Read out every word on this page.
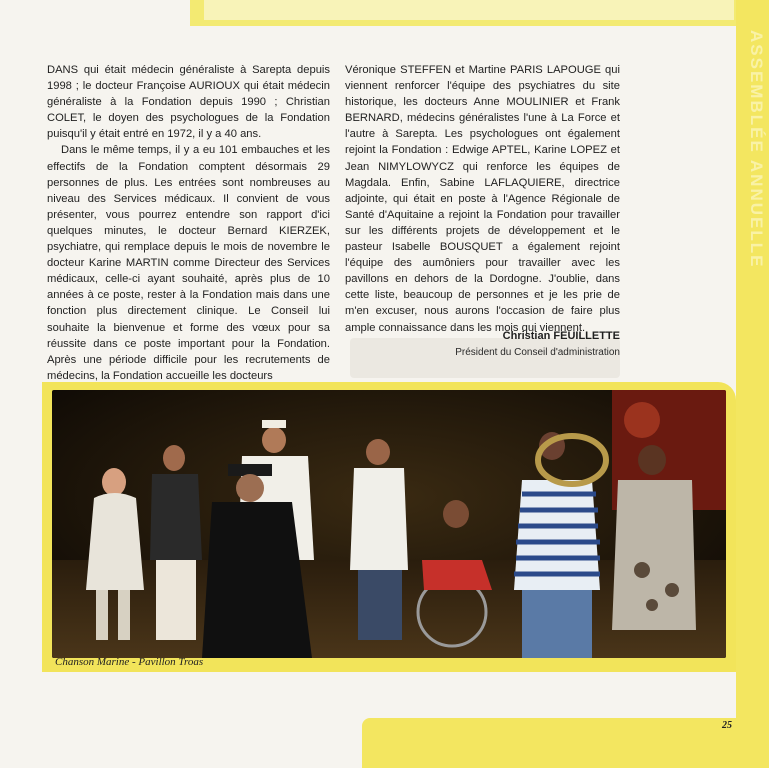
ASSEMBLÉE ANNUELLE

DANS qui était médecin généraliste à Sarepta depuis 1998 ; le docteur Françoise AURIOUX qui était médecin généraliste à la Fondation depuis 1990 ; Christian COLET, le doyen des psychologues de la Fondation puisqu'il y était entré en 1972, il y a 40 ans.

Dans le même temps, il y a eu 101 embauches et les effectifs de la Fondation comptent désormais 29 personnes de plus. Les entrées sont nombreuses au niveau des Services médicaux. Il convient de vous présenter, vous pourrez entendre son rapport d'ici quelques minutes, le docteur Bernard KIERZEK, psychiatre, qui remplace depuis le mois de novembre le docteur Karine MARTIN comme Directeur des Services médicaux, celle-ci ayant souhaité, après plus de 10 années à ce poste, rester à la Fondation mais dans une fonction plus directement clinique. Le Conseil lui souhaite la bienvenue et forme des vœux pour sa réussite dans ce poste important pour la Fondation. Après une période difficile pour les recrutements de médecins, la Fondation accueille les docteurs

Véronique STEFFEN et Martine PARIS LAPOUGE qui viennent renforcer l'équipe des psychiatres du site historique, les docteurs Anne MOULINIER et Frank BERNARD, médecins généralistes l'une à La Force et l'autre à Sarepta. Les psychologues ont également rejoint la Fondation : Edwige APTEL, Karine LOPEZ et Jean NIMYLOWYCZ qui renforce les équipes de Magdala. Enfin, Sabine LAFLAQUIERE, directrice adjointe, qui était en poste à l'Agence Régionale de Santé d'Aquitaine a rejoint la Fondation pour travailler sur les différents projets de développement et le pasteur Isabelle BOUSQUET a également rejoint l'équipe des aumôniers pour travailler avec les pavillons en dehors de la Dordogne. J'oublie, dans cette liste, beaucoup de personnes et je les prie de m'en excuser, nous aurons l'occasion de faire plus ample connaissance dans les mois qui viennent.

Christian FEUILLETTE
Président du Conseil d'administration
Chanson Marine - Pavillon Troas
25
